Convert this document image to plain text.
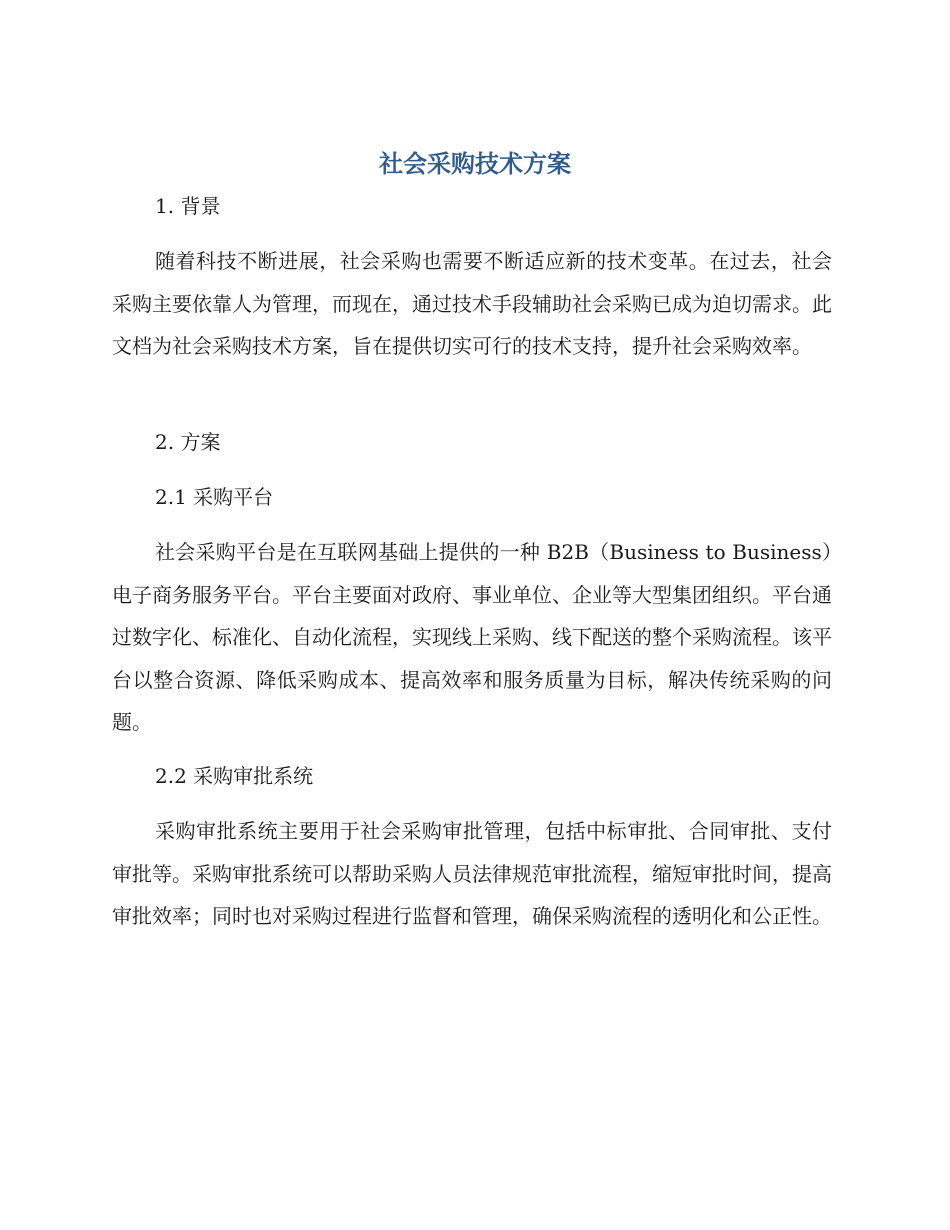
社会采购技术方案
1. 背景

随着科技不断进展，社会采购也需要不断适应新的技术变革。在过去，社会采购主要依靠人为管理，而现在，通过技术手段辅助社会采购已成为迫切需求。此文档为社会采购技术方案，旨在提供切实可行的技术支持，提升社会采购效率。

2. 方案
2.1 采购平台

社会采购平台是在互联网基础上提供的一种 B2B（Business to Business）电子商务服务平台。平台主要面对政府、事业单位、企业等大型集团组织。平台通过数字化、标准化、自动化流程，实现线上采购、线下配送的整个采购流程。该平台以整合资源、降低采购成本、提高效率和服务质量为目标，解决传统采购的问题。

2.2 采购审批系统

采购审批系统主要用于社会采购审批管理，包括中标审批、合同审批、支付审批等。采购审批系统可以帮助采购人员法律规范审批流程，缩短审批时间，提高审批效率；同时也对采购过程进行监督和管理，确保采购流程的透明化和公正性。
